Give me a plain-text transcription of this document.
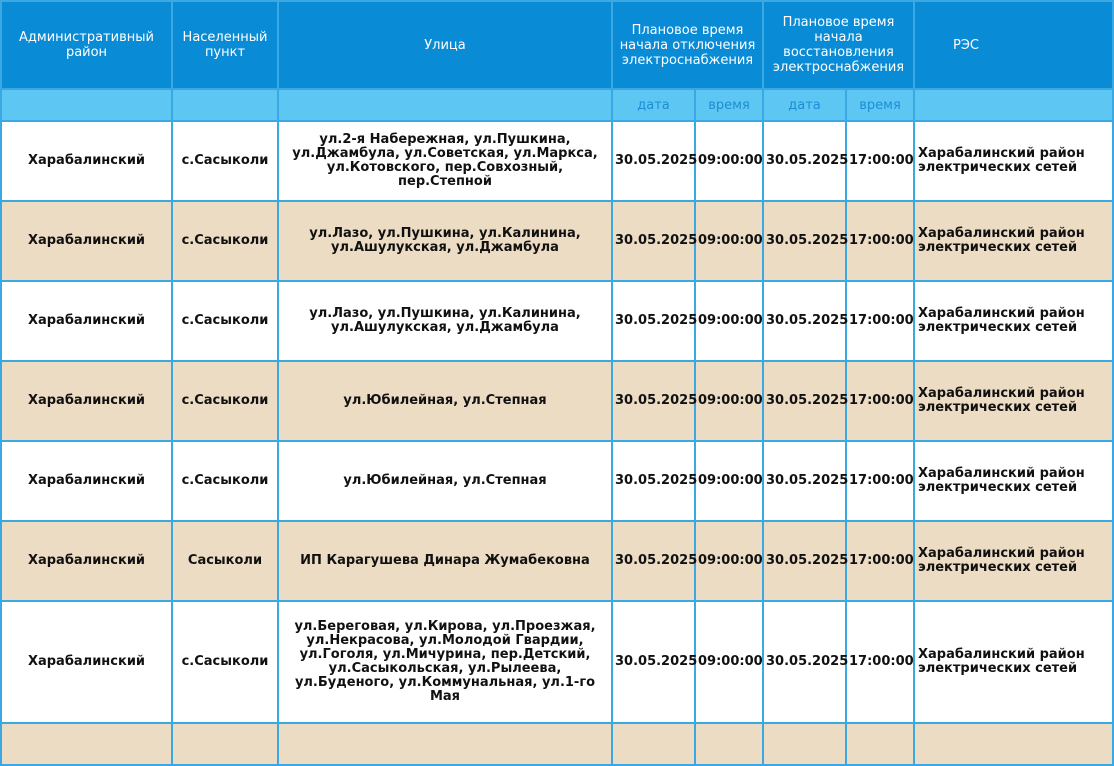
Административный район	Населенный пункт	Улица	Плановое время начала отключения электроснабжения		Плановое время начала восстановления электроснабжения		РЭС
			дата	время	дата	время	
Харабалинский	с.Сасыколи	ул.2-я Набережная, ул.Пушкина, ул.Джамбула, ул.Советская, ул.Маркса, ул.Котовского, пер.Совхозный, пер.Степной	30.05.2025	09:00:00	30.05.2025	17:00:00	Харабалинский район электрических сетей
Харабалинский	с.Сасыколи	ул.Лазо, ул.Пушкина, ул.Калинина, ул.Ашулукская, ул.Джамбула	30.05.2025	09:00:00	30.05.2025	17:00:00	Харабалинский район электрических сетей
Харабалинский	с.Сасыколи	ул.Лазо, ул.Пушкина, ул.Калинина, ул.Ашулукская, ул.Джамбула	30.05.2025	09:00:00	30.05.2025	17:00:00	Харабалинский район электрических сетей
Харабалинский	с.Сасыколи	ул.Юбилейная, ул.Степная	30.05.2025	09:00:00	30.05.2025	17:00:00	Харабалинский район электрических сетей
Харабалинский	с.Сасыколи	ул.Юбилейная, ул.Степная	30.05.2025	09:00:00	30.05.2025	17:00:00	Харабалинский район электрических сетей
Харабалинский	Сасыколи	ИП Карагушева Динара Жумабековна	30.05.2025	09:00:00	30.05.2025	17:00:00	Харабалинский район электрических сетей
Харабалинский	с.Сасыколи	ул.Береговая, ул.Кирова, ул.Проезжая, ул.Некрасова, ул.Молодой Гвардии, ул.Гоголя, ул.Мичурина, пер.Детский, ул.Сасыкольская, ул.Рылеева, ул.Буденого, ул.Коммунальная, ул.1-го Мая	30.05.2025	09:00:00	30.05.2025	17:00:00	Харабалинский район электрических сетей
